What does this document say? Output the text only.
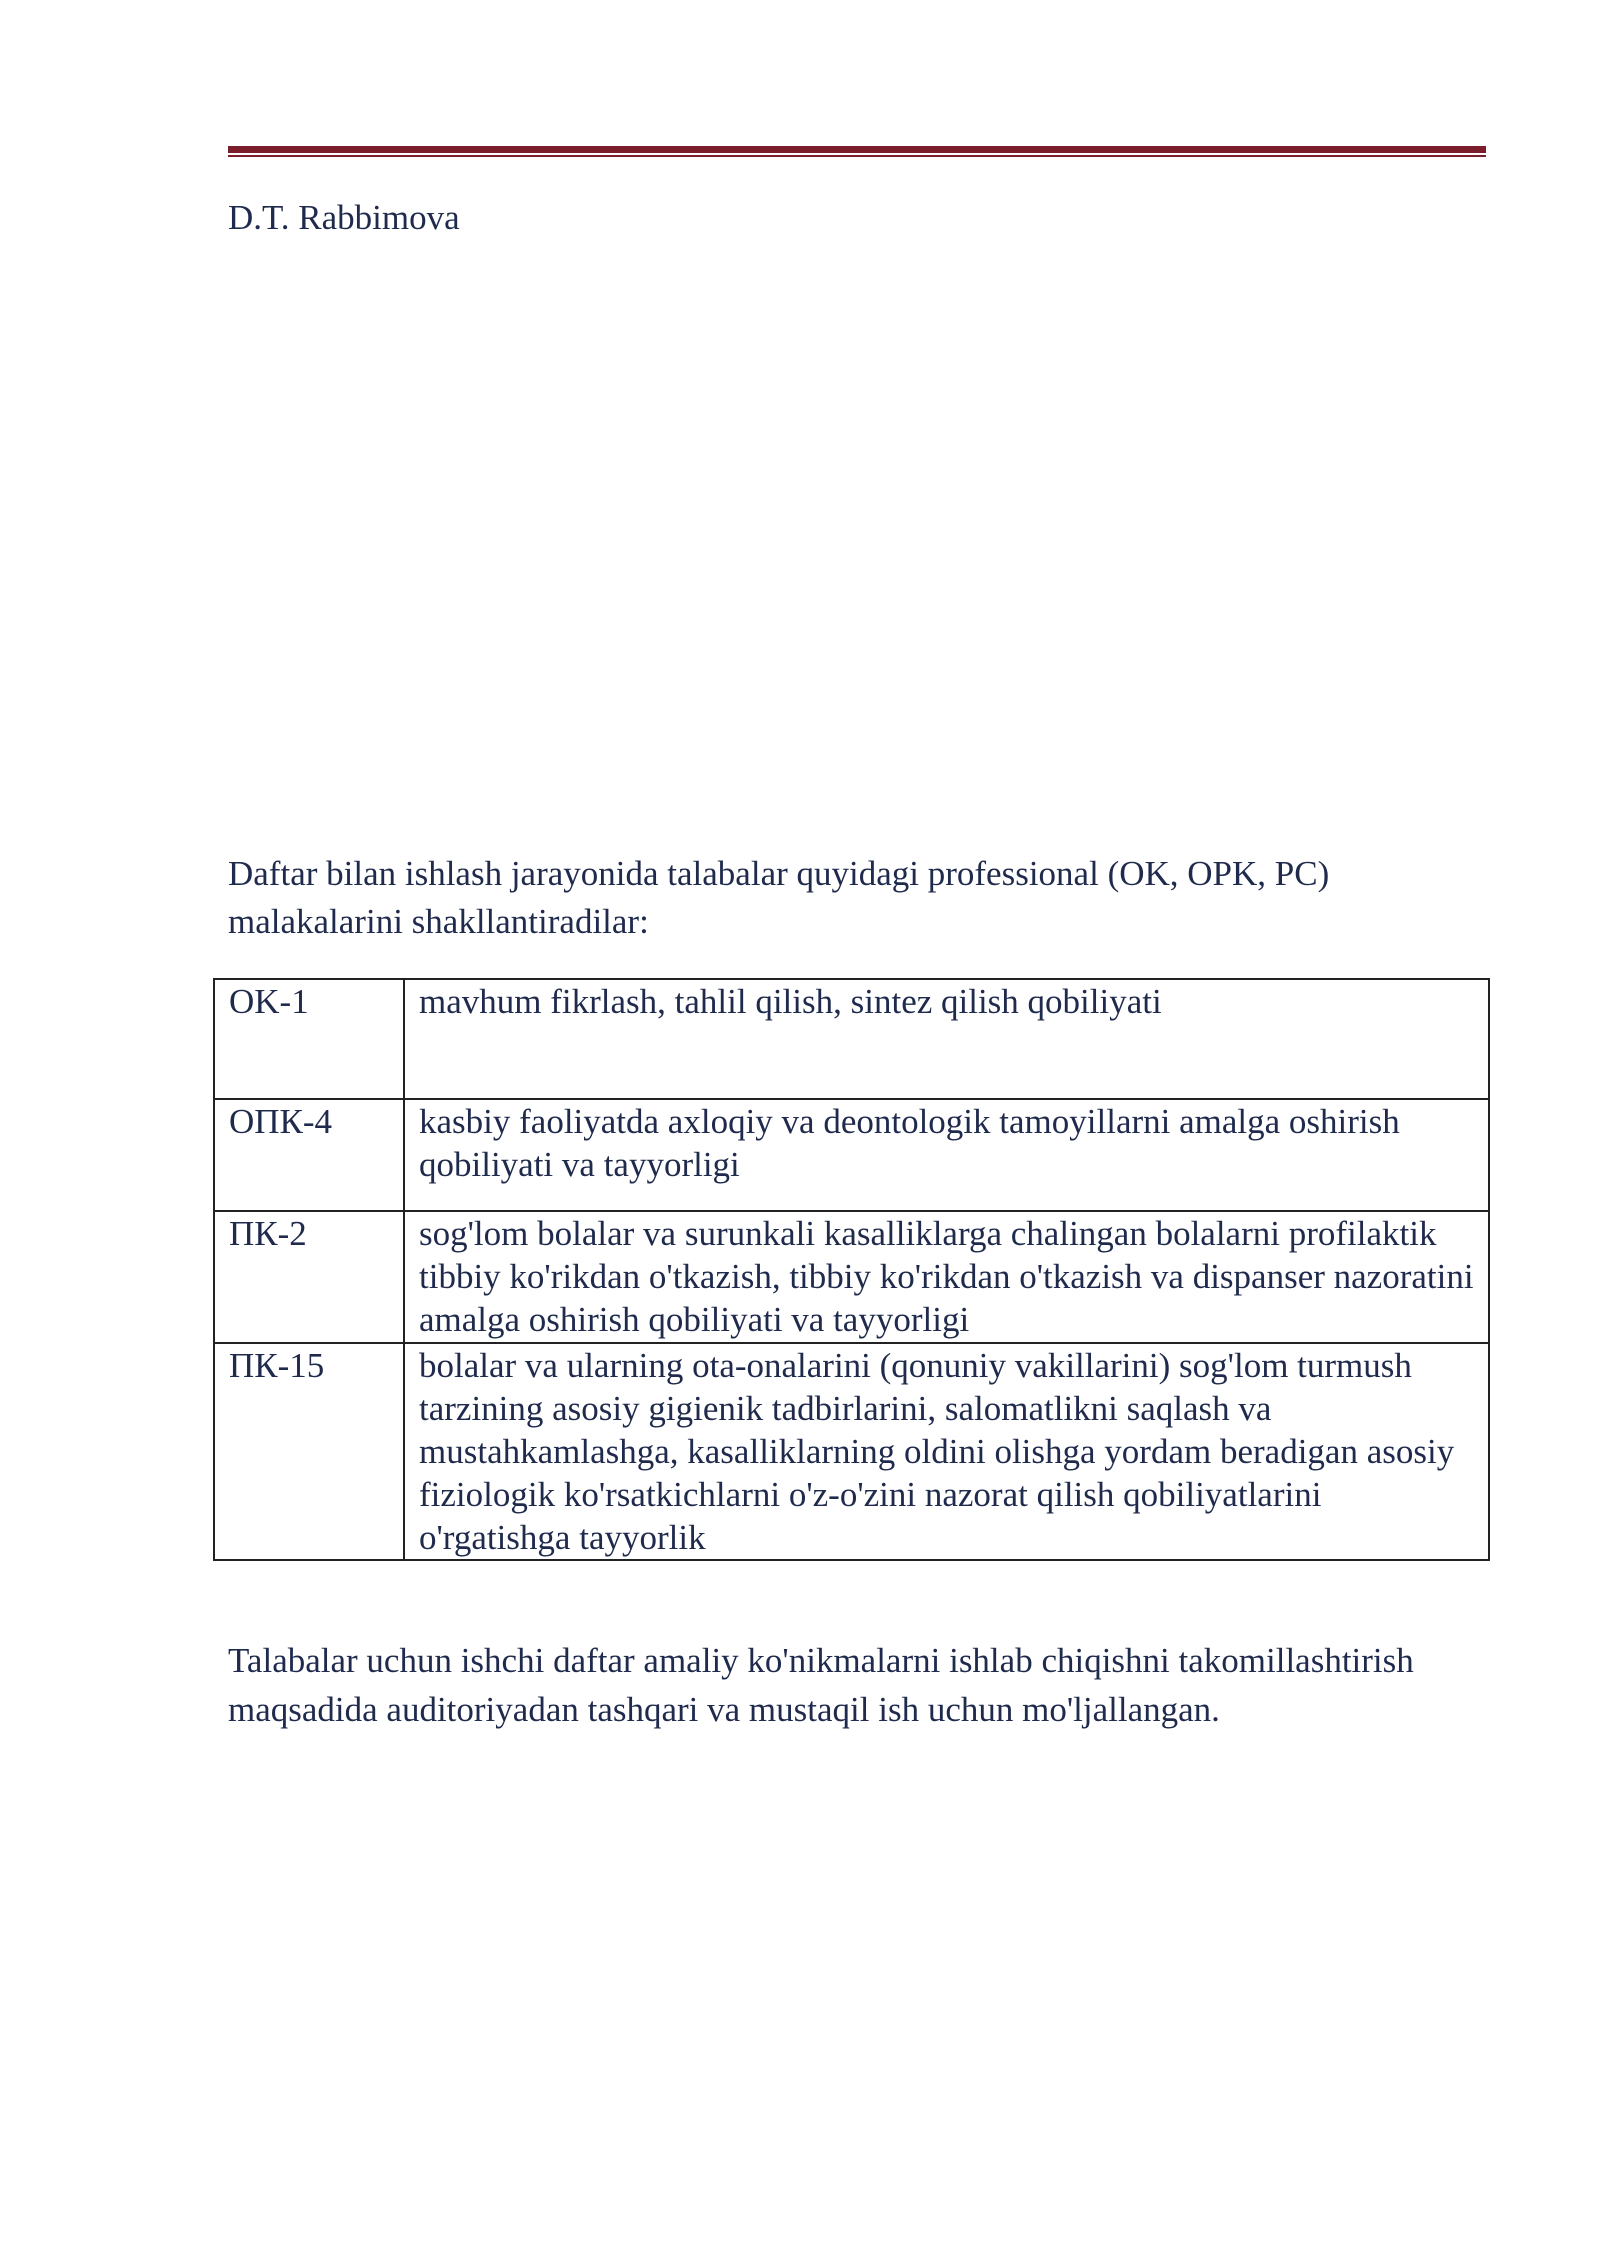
D.T. Rabbimova
Daftar bilan ishlash jarayonida talabalar quyidagi professional (OK, OPK, PC) malakalarini shakllantiradilar:
OK-1	mavhum fikrlash, tahlil qilish, sintez qilish qobiliyati
ОПК-4	kasbiy faoliyatda axloqiy va deontologik tamoyillarni amalga oshirish qobiliyati va tayyorligi
ПК-2	sog'lom bolalar va surunkali kasalliklarga chalingan bolalarni profilaktik tibbiy ko'rikdan o'tkazish, tibbiy ko'rikdan o'tkazish va dispanser nazoratini amalga oshirish qobiliyati va tayyorligi
ПК-15	bolalar va ularning ota-onalarini (qonuniy vakillarini) sog'lom turmush tarzining asosiy gigienik tadbirlarini, salomatlikni saqlash va mustahkamlashga, kasalliklarning oldini olishga yordam beradigan asosiy fiziologik ko'rsatkichlarni o'z-o'zini nazorat qilish qobiliyatlarini o'rgatishga tayyorlik
Talabalar uchun ishchi daftar amaliy ko'nikmalarni ishlab chiqishni takomillashtirish maqsadida auditoriyadan tashqari va mustaqil ish uchun mo'ljallangan.
